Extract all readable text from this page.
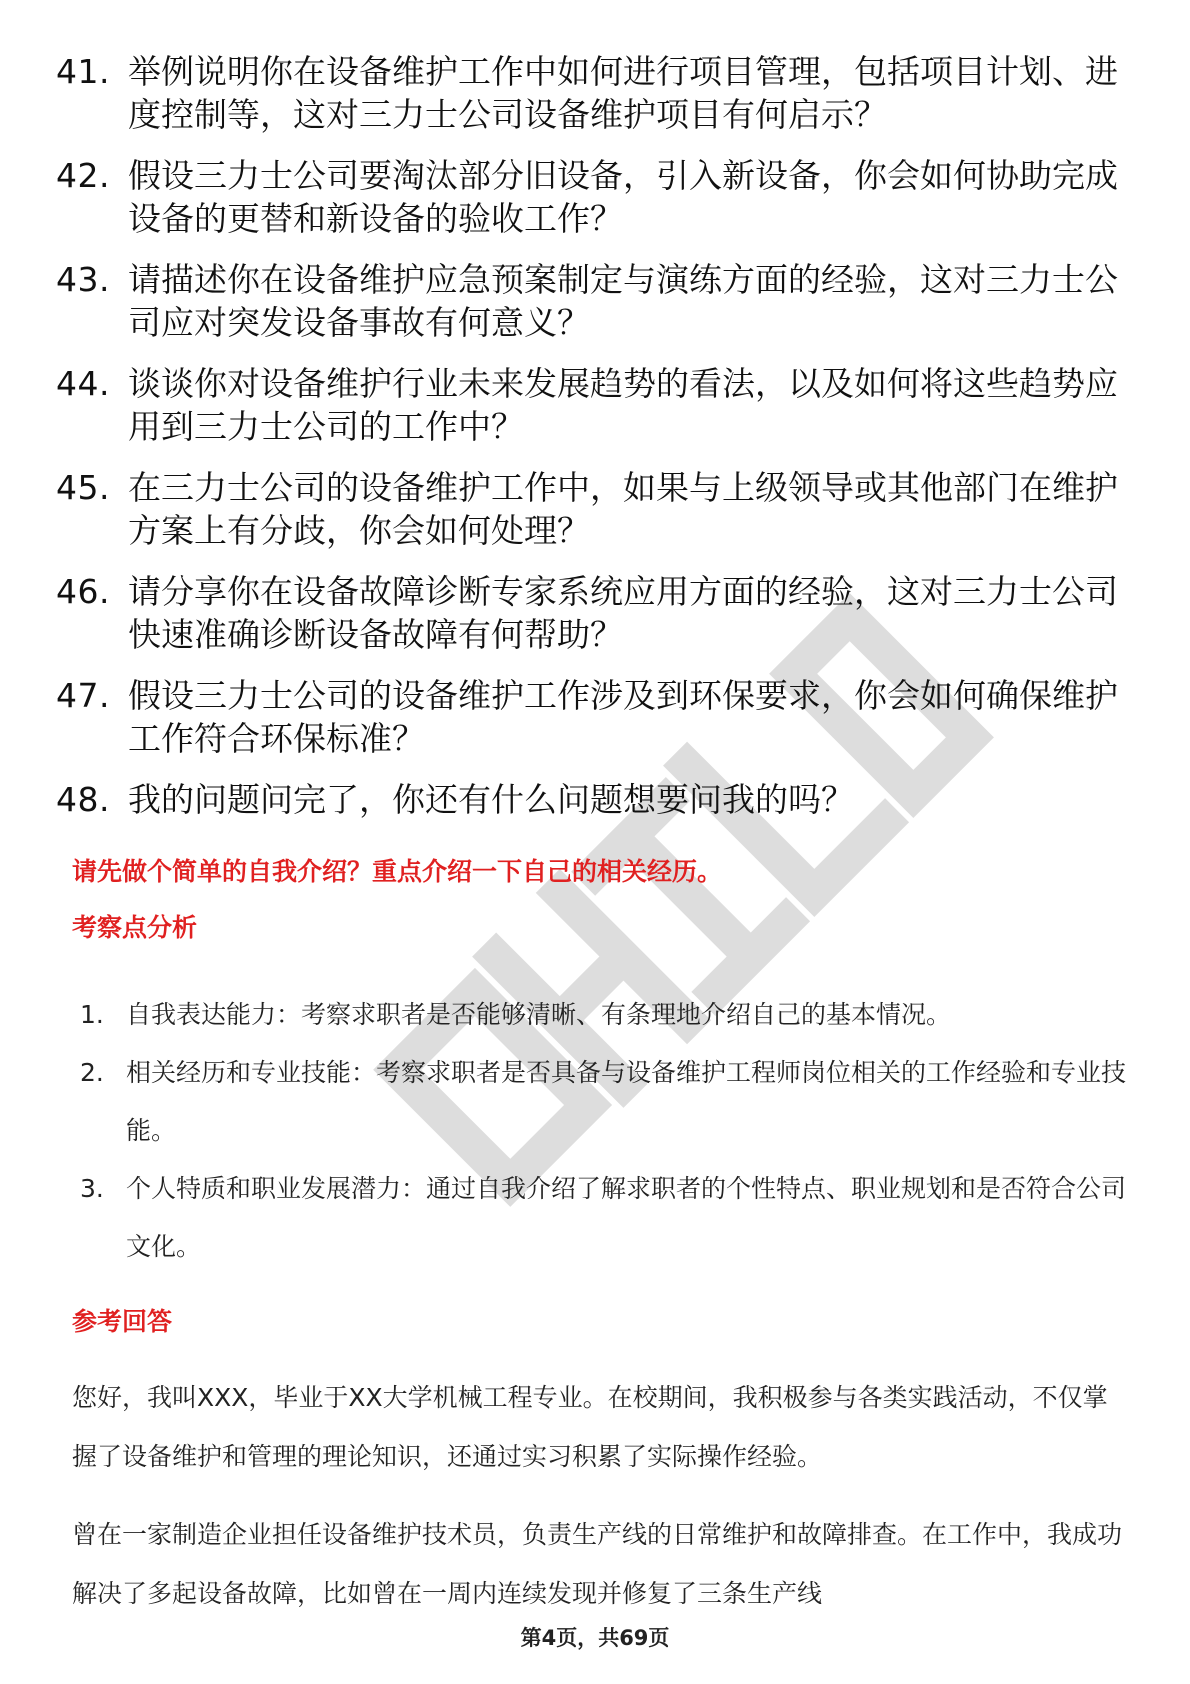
41. 举例说明你在设备维护工作中如何进行项目管理，包括项目计划、进度控制等，这对三力士公司设备维护项目有何启示？
42. 假设三力士公司要淘汰部分旧设备，引入新设备，你会如何协助完成设备的更替和新设备的验收工作？
43. 请描述你在设备维护应急预案制定与演练方面的经验，这对三力士公司应对突发设备事故有何意义？
44. 谈谈你对设备维护行业未来发展趋势的看法，以及如何将这些趋势应用到三力士公司的工作中？
45. 在三力士公司的设备维护工作中，如果与上级领导或其他部门在维护方案上有分歧，你会如何处理？
46. 请分享你在设备故障诊断专家系统应用方面的经验，这对三力士公司快速准确诊断设备故障有何帮助？
47. 假设三力士公司的设备维护工作涉及到环保要求，你会如何确保维护工作符合环保标准？
48. 我的问题问完了，你还有什么问题想要问我的吗？

请先做个简单的自我介绍？重点介绍一下自己的相关经历。

考察点分析

1. 自我表达能力：考察求职者是否能够清晰、有条理地介绍自己的基本情况。
2. 相关经历和专业技能：考察求职者是否具备与设备维护工程师岗位相关的工作经验和专业技能。
3. 个人特质和职业发展潜力：通过自我介绍了解求职者的个性特点、职业规划和是否符合公司文化。

参考回答

您好，我叫XXX，毕业于XX大学机械工程专业。在校期间，我积极参与各类实践活动，不仅掌握了设备维护和管理的理论知识，还通过实习积累了实际操作经验。

曾在一家制造企业担任设备维护技术员，负责生产线的日常维护和故障排查。在工作中，我成功解决了多起设备故障，比如曾在一周内连续发现并修复了三条生产线

第4页，共69页
